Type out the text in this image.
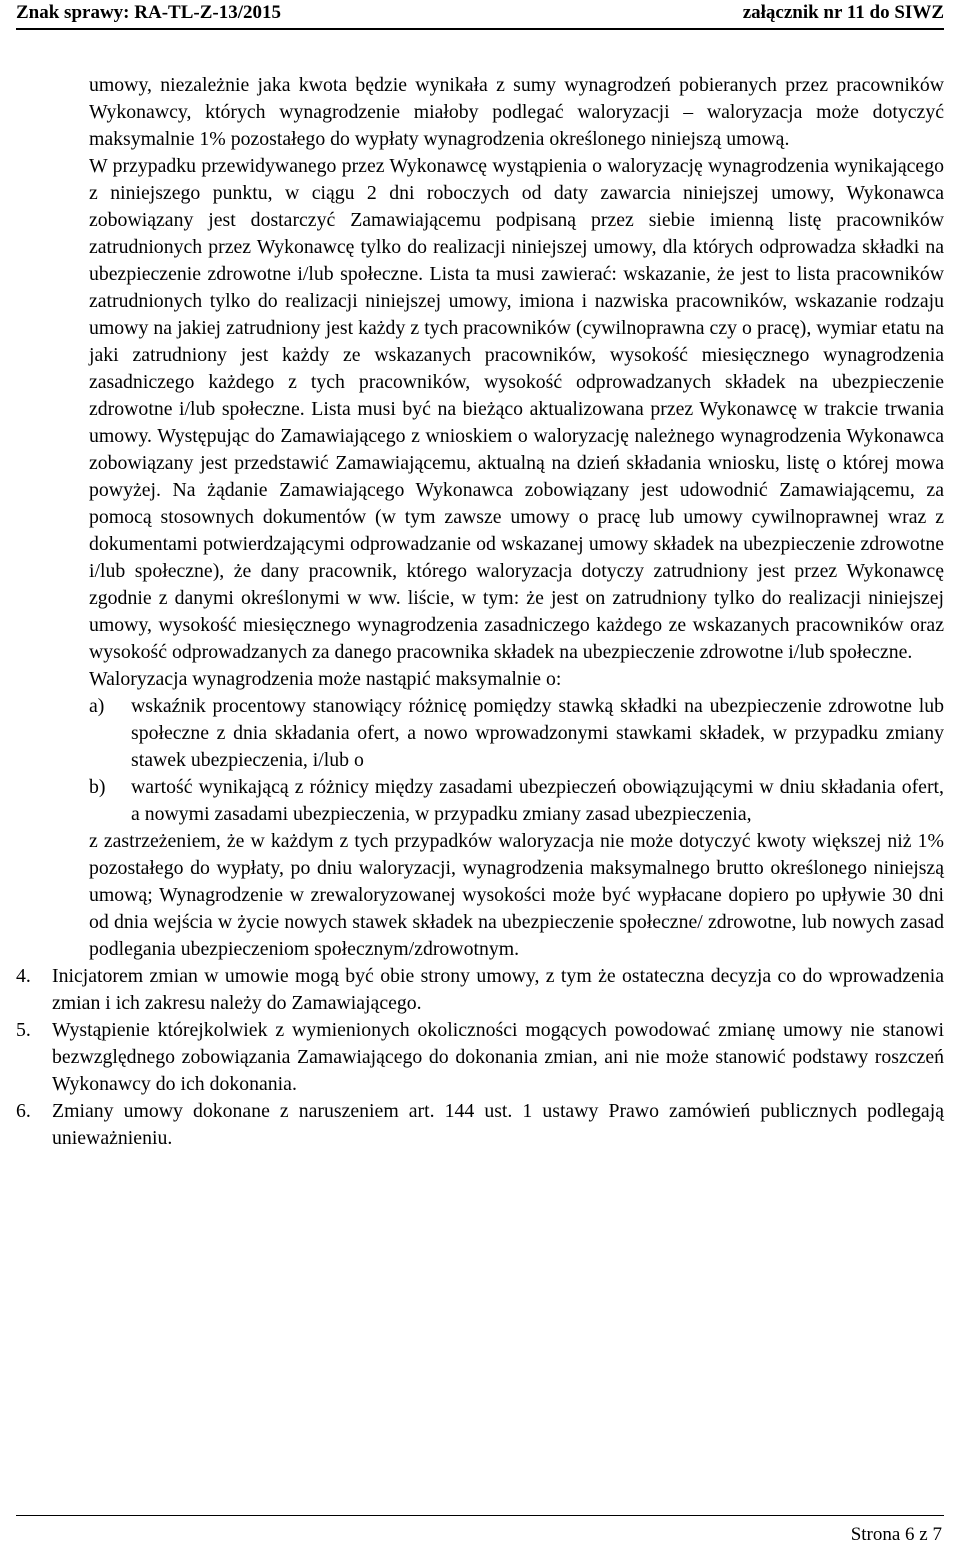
Znak sprawy: RA-TL-Z-13/2015	załącznik nr 11 do SIWZ

umowy, niezależnie jaka kwota będzie wynikała z sumy wynagrodzeń pobieranych przez pracowników Wykonawcy, których wynagrodzenie miałoby podlegać waloryzacji – waloryzacja może dotyczyć maksymalnie 1% pozostałego do wypłaty wynagrodzenia określonego niniejszą umową.

W przypadku przewidywanego przez Wykonawcę wystąpienia o waloryzację wynagrodzenia wynikającego z niniejszego punktu, w ciągu 2 dni roboczych od daty zawarcia niniejszej umowy, Wykonawca zobowiązany jest dostarczyć Zamawiającemu podpisaną przez siebie imienną listę pracowników zatrudnionych przez Wykonawcę tylko do realizacji niniejszej umowy, dla których odprowadza składki na ubezpieczenie zdrowotne i/lub społeczne. Lista ta musi zawierać: wskazanie, że jest to lista pracowników zatrudnionych tylko do realizacji niniejszej umowy, imiona i nazwiska pracowników, wskazanie rodzaju umowy na jakiej zatrudniony jest każdy z tych pracowników (cywilnoprawna czy o pracę), wymiar etatu na jaki zatrudniony jest każdy ze wskazanych pracowników, wysokość miesięcznego wynagrodzenia zasadniczego każdego z tych pracowników, wysokość odprowadzanych składek na ubezpieczenie zdrowotne i/lub społeczne. Lista musi być na bieżąco aktualizowana przez Wykonawcę w trakcie trwania umowy. Występując do Zamawiającego z wnioskiem o waloryzację należnego wynagrodzenia Wykonawca zobowiązany jest przedstawić Zamawiającemu, aktualną na dzień składania wniosku, listę o której mowa powyżej. Na żądanie Zamawiającego Wykonawca zobowiązany jest udowodnić Zamawiającemu, za pomocą stosownych dokumentów (w tym zawsze umowy o pracę lub umowy cywilnoprawnej wraz z dokumentami potwierdzającymi odprowadzanie od wskazanej umowy składek na ubezpieczenie zdrowotne i/lub społeczne), że dany pracownik, którego waloryzacja dotyczy zatrudniony jest przez Wykonawcę zgodnie z danymi określonymi w ww. liście, w tym: że jest on zatrudniony tylko do realizacji niniejszej umowy, wysokość miesięcznego wynagrodzenia zasadniczego każdego ze wskazanych pracowników oraz wysokość odprowadzanych za danego pracownika składek na ubezpieczenie zdrowotne i/lub społeczne.

Waloryzacja wynagrodzenia może nastąpić maksymalnie o:

a) wskaźnik procentowy stanowiący różnicę pomiędzy stawką składki na ubezpieczenie zdrowotne lub społeczne z dnia składania ofert, a nowo wprowadzonymi stawkami składek, w przypadku zmiany stawek ubezpieczenia, i/lub o
b) wartość wynikającą z różnicy między zasadami ubezpieczeń obowiązującymi w dniu składania ofert, a nowymi zasadami ubezpieczenia, w przypadku zmiany zasad ubezpieczenia,

z zastrzeżeniem, że w każdym z tych przypadków waloryzacja nie może dotyczyć kwoty większej niż 1% pozostałego do wypłaty, po dniu waloryzacji, wynagrodzenia maksymalnego brutto określonego niniejszą umową; Wynagrodzenie w zrewaloryzowanej wysokości może być wypłacane dopiero po upływie 30 dni od dnia wejścia w życie nowych stawek składek na ubezpieczenie społeczne/ zdrowotne, lub nowych zasad podlegania ubezpieczeniom społecznym/zdrowotnym.

4. Inicjatorem zmian w umowie mogą być obie strony umowy, z tym że ostateczna decyzja co do wprowadzenia zmian i ich zakresu należy do Zamawiającego.
5. Wystąpienie którejkolwiek z wymienionych okoliczności mogących powodować zmianę umowy nie stanowi bezwzględnego zobowiązania Zamawiającego do dokonania zmian, ani nie może stanowić podstawy roszczeń Wykonawcy do ich dokonania.
6. Zmiany umowy dokonane z naruszeniem art. 144 ust. 1 ustawy Prawo zamówień publicznych podlegają unieważnieniu.
Strona 6 z 7
